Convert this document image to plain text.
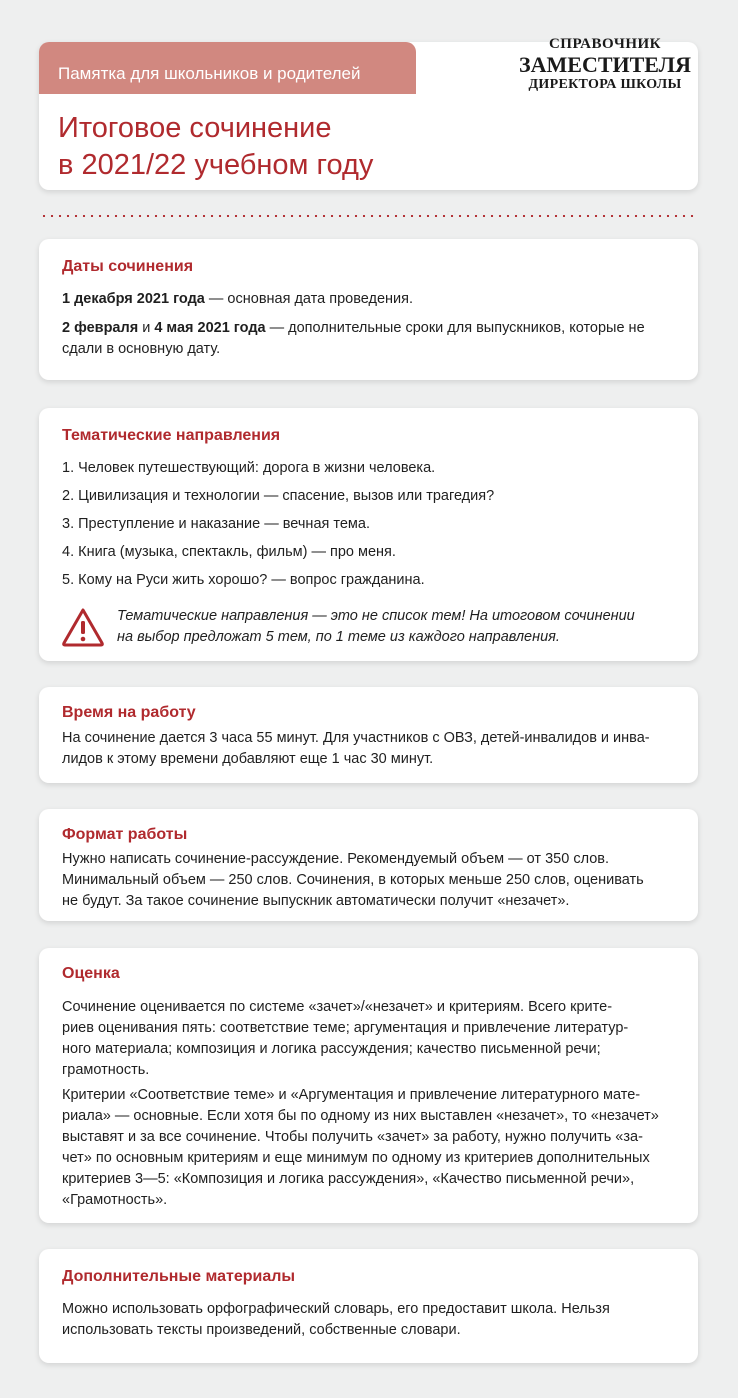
Памятка для школьников и родителей
Итоговое сочинение
в 2021/22 учебном году
СПРАВОЧНИК
ЗАМЕСТИТЕЛЯ
ДИРЕКТОРА ШКОЛЫ
Даты сочинения
1 декабря 2021 года — основная дата проведения.
2 февраля и 4 мая 2021 года — дополнительные сроки для выпускников, которые не сдали в основную дату.
Тематические направления
1. Человек путешествующий: дорога в жизни человека.
2. Цивилизация и технологии — спасение, вызов или трагедия?
3. Преступление и наказание — вечная тема.
4. Книга (музыка, спектакль, фильм) — про меня.
5. Кому на Руси жить хорошо? — вопрос гражданина.
Тематические направления — это не список тем! На итоговом сочинении
на выбор предложат 5 тем, по 1 теме из каждого направления.
Время на работу
На сочинение дается 3 часа 55 минут. Для участников с ОВЗ, детей-инвалидов и инва-
лидов к этому времени добавляют еще 1 час 30 минут.
Формат работы
Нужно написать сочинение-рассуждение. Рекомендуемый объем — от 350 слов.
Минимальный объем — 250 слов. Сочинения, в которых меньше 250 слов, оценивать
не будут. За такое сочинение выпускник автоматически получит «незачет».
Оценка
Сочинение оценивается по системе «зачет»/«незачет» и критериям. Всего крите-
риев оценивания пять: соответствие теме; аргументация и привлечение литератур-
ного материала; композиция и логика рассуждения; качество письменной речи;
грамотность.
Критерии «Соответствие теме» и «Аргументация и привлечение литературного мате-
риала» — основные. Если хотя бы по одному из них выставлен «незачет», то «незачет»
выставят и за все сочинение. Чтобы получить «зачет» за работу, нужно получить «за-
чет» по основным критериям и еще минимум по одному из критериев дополнительных
критериев 3—5: «Композиция и логика рассуждения», «Качество письменной речи»,
«Грамотность».
Дополнительные материалы
Можно использовать орфографический словарь, его предоставит школа. Нельзя
использовать тексты произведений, собственные словари.
